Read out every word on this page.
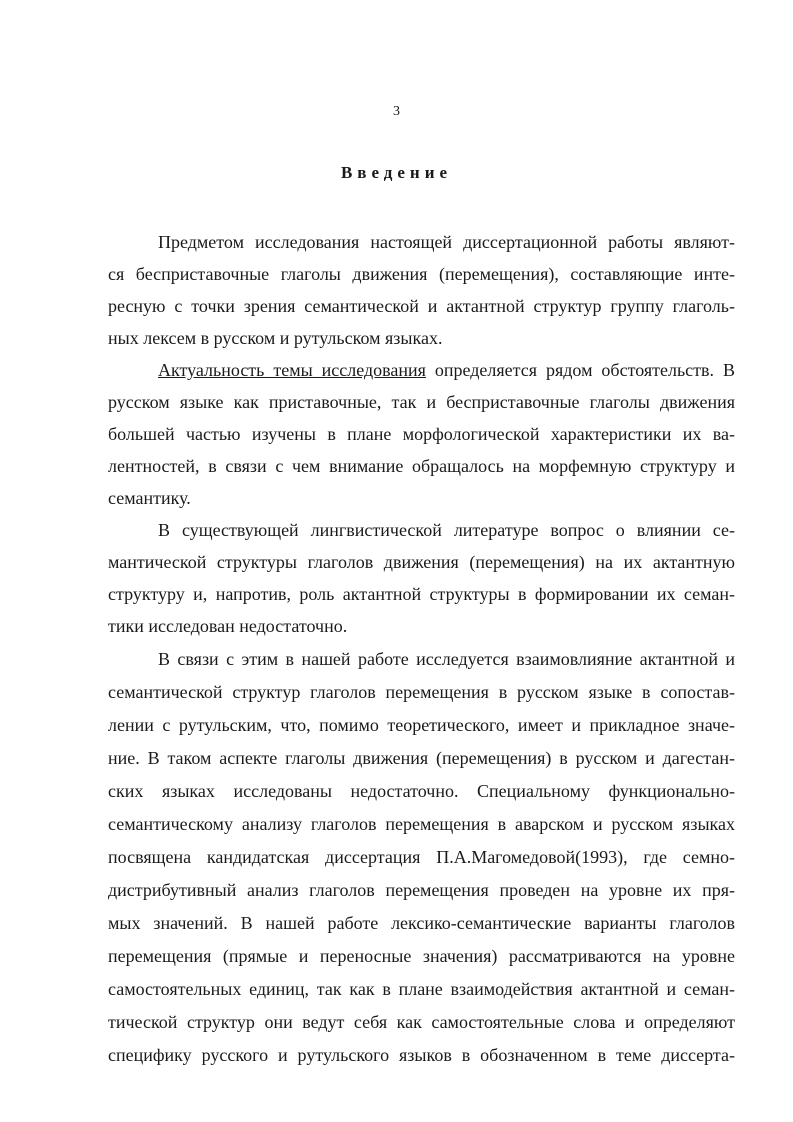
3
Введение
Предметом исследования настоящей диссертационной работы являют-
ся бесприставочные глаголы движения (перемещения), составляющие инте-
ресную с точки зрения семантической и актантной структур группу глаголь-
ных лексем в русском и рутульском языках.
Актуальность темы исследования определяется рядом обстоятельств. В
русском языке как приставочные, так и бесприставочные глаголы движения
большей частью изучены в плане морфологической характеристики их ва-
лентностей, в связи с чем внимание обращалось на морфемную структуру и
семантику.
В существующей лингвистической литературе вопрос о влиянии се-
мантической структуры глаголов движения (перемещения) на их актантную
структуру и, напротив, роль актантной структуры в формировании их семан-
тики исследован недостаточно.
В связи с этим в нашей работе исследуется взаимовлияние актантной и
семантической структур глаголов перемещения в русском языке в сопостав-
лении с рутульским, что, помимо теоретического, имеет и прикладное значе-
ние. В таком аспекте глаголы движения (перемещения) в русском и дагестан-
ских языках исследованы недостаточно. Специальному функционально-
семантическому анализу глаголов перемещения в аварском и русском языках
посвящена кандидатская диссертация П.А.Магомедовой(1993), где семно-
дистрибутивный анализ глаголов перемещения проведен на уровне их пря-
мых значений. В нашей работе лексико-семантические варианты глаголов
перемещения (прямые и переносные значения) рассматриваются на уровне
самостоятельных единиц, так как в плане взаимодействия актантной и семан-
тической структур они ведут себя как самостоятельные слова и определяют
специфику русского и рутульского языков в обозначенном в теме диссерта-
